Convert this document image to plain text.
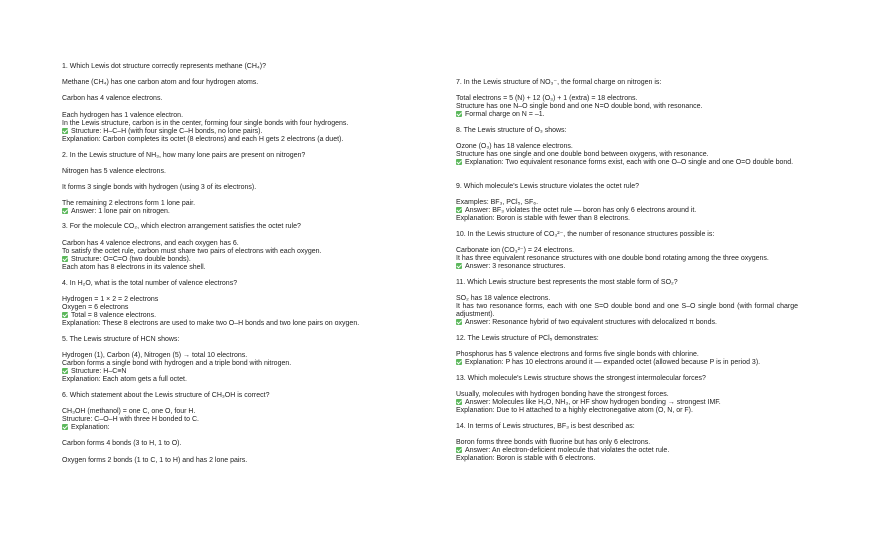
1. Which Lewis dot structure correctly represents methane (CH₄)?
Methane (CH₄) has one carbon atom and four hydrogen atoms.
Carbon has 4 valence electrons.
Each hydrogen has 1 valence electron.
In the Lewis structure, carbon is in the center, forming four single bonds with four hydrogens.
Structure: H–C–H (with four single C–H bonds, no lone pairs).
Explanation: Carbon completes its octet (8 electrons) and each H gets 2 electrons (a duet).
2. In the Lewis structure of NH₃, how many lone pairs are present on nitrogen?
Nitrogen has 5 valence electrons.
It forms 3 single bonds with hydrogen (using 3 of its electrons).
The remaining 2 electrons form 1 lone pair.
Answer: 1 lone pair on nitrogen.
3. For the molecule CO₂, which electron arrangement satisfies the octet rule?
Carbon has 4 valence electrons, and each oxygen has 6.
To satisfy the octet rule, carbon must share two pairs of electrons with each oxygen.
Structure: O=C=O (two double bonds).
Each atom has 8 electrons in its valence shell.
4. In H₂O, what is the total number of valence electrons?
Hydrogen = 1 × 2 = 2 electrons
Oxygen = 6 electrons
Total = 8 valence electrons.
Explanation: These 8 electrons are used to make two O–H bonds and two lone pairs on oxygen.
5. The Lewis structure of HCN shows:
Hydrogen (1), Carbon (4), Nitrogen (5) → total 10 electrons.
Carbon forms a single bond with hydrogen and a triple bond with nitrogen.
Structure: H–C≡N
Explanation: Each atom gets a full octet.
6. Which statement about the Lewis structure of CH₃OH is correct?
CH₃OH (methanol) = one C, one O, four H.
Structure: C–O–H with three H bonded to C.
Explanation:
Carbon forms 4 bonds (3 to H, 1 to O).
Oxygen forms 2 bonds (1 to C, 1 to H) and has 2 lone pairs.
7. In the Lewis structure of NO₃⁻, the formal charge on nitrogen is:
Total electrons = 5 (N) + 12 (O₃) + 1 (extra) = 18 electrons.
Structure has one N–O single bond and one N=O double bond, with resonance.
Formal charge on N = –1.
8. The Lewis structure of O₃ shows:
Ozone (O₃) has 18 valence electrons.
Structure has one single and one double bond between oxygens, with resonance.
Explanation: Two equivalent resonance forms exist, each with one O–O single and one O=O double bond.
9. Which molecule's Lewis structure violates the octet rule?
Examples: BF₃, PCl₅, SF₆.
Answer: BF₃ violates the octet rule — boron has only 6 electrons around it.
Explanation: Boron is stable with fewer than 8 electrons.
10. In the Lewis structure of CO₃²⁻, the number of resonance structures possible is:
Carbonate ion (CO₃²⁻) = 24 electrons.
It has three equivalent resonance structures with one double bond rotating among the three oxygens.
Answer: 3 resonance structures.
11. Which Lewis structure best represents the most stable form of SO₂?
SO₂ has 18 valence electrons.
It has two resonance forms, each with one S=O double bond and one S–O single bond (with formal charge
adjustment).
Answer: Resonance hybrid of two equivalent structures with delocalized π bonds.
12. The Lewis structure of PCl₅ demonstrates:
Phosphorus has 5 valence electrons and forms five single bonds with chlorine.
Explanation: P has 10 electrons around it — expanded octet (allowed because P is in period 3).
13. Which molecule's Lewis structure shows the strongest intermolecular forces?
Usually, molecules with hydrogen bonding have the strongest forces.
Answer: Molecules like H₂O, NH₃, or HF show hydrogen bonding → strongest IMF.
Explanation: Due to H attached to a highly electronegative atom (O, N, or F).
14. In terms of Lewis structures, BF₃ is best described as:
Boron forms three bonds with fluorine but has only 6 electrons.
Answer: An electron-deficient molecule that violates the octet rule.
Explanation: Boron is stable with 6 electrons.
